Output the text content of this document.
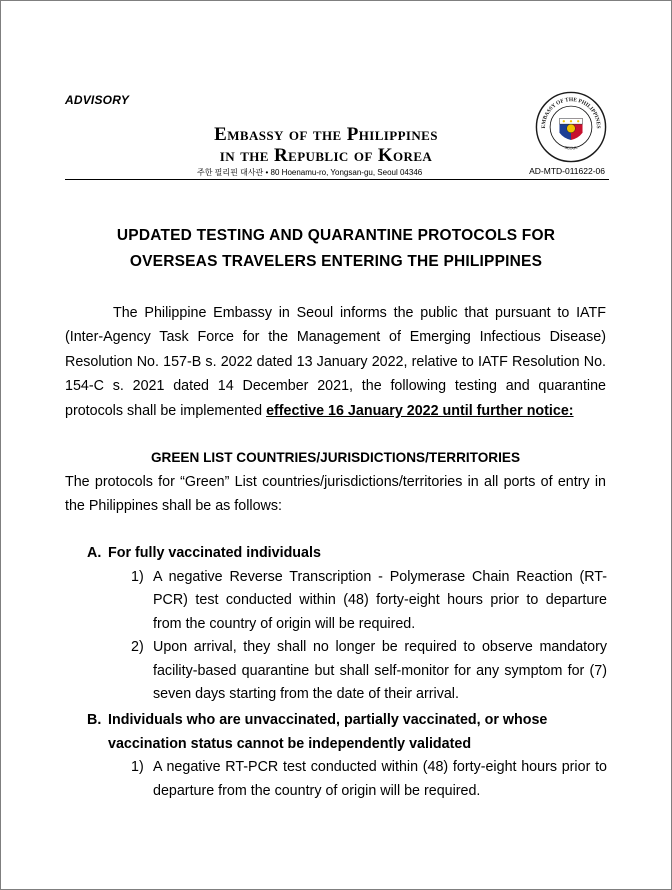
ADVISORY
Embassy of the Philippines
in the Republic of Korea
주한 필리핀 대사관 • 80 Hoenamu-ro, Yongsan-gu, Seoul 04346	AD-MTD-011622-06
EMBASSY OF THE PHILIPPINES
SEOUL
UPDATED TESTING AND QUARANTINE PROTOCOLS FOR
OVERSEAS TRAVELERS ENTERING THE PHILIPPINES
The Philippine Embassy in Seoul informs the public that pursuant to IATF (Inter-Agency Task Force for the Management of Emerging Infectious Disease) Resolution No. 157-B s. 2022 dated 13 January 2022, relative to IATF Resolution No. 154-C s. 2021 dated 14 December 2021, the following testing and quarantine protocols shall be implemented effective 16 January 2022 until further notice:
GREEN LIST COUNTRIES/JURISDICTIONS/TERRITORIES
The protocols for “Green” List countries/jurisdictions/territories in all ports of entry in the Philippines shall be as follows:
A. For fully vaccinated individuals
1) A negative Reverse Transcription - Polymerase Chain Reaction (RT-PCR) test conducted within (48) forty-eight hours prior to departure from the country of origin will be required.
2) Upon arrival, they shall no longer be required to observe mandatory facility-based quarantine but shall self-monitor for any symptom for (7) seven days starting from the date of their arrival.
B. Individuals who are unvaccinated, partially vaccinated, or whose vaccination status cannot be independently validated
1) A negative RT-PCR test conducted within (48) forty-eight hours prior to departure from the country of origin will be required.
